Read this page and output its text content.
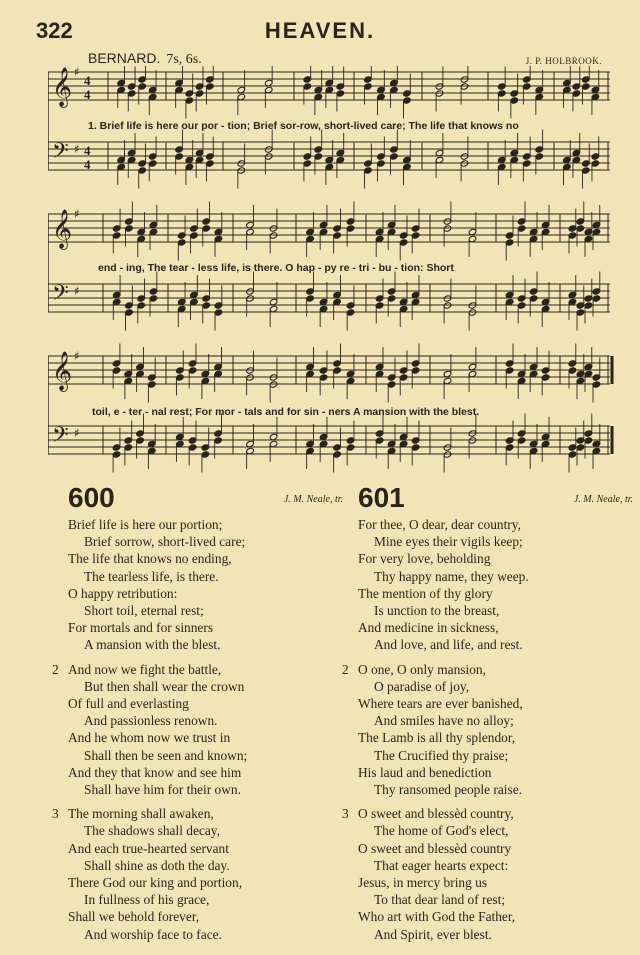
322	HEAVEN.
BERNARD. 7s, 6s.	J. P. HOLBROOK.
𝄞 ♯
4
4
𝄢 ♯ 4
4
𝄞 ♯
𝄢 ♯
𝄞 ♯
𝄢 ♯
1. Brief life is here our por - tion; Brief sor-row, short-lived care; The life that knows no
end - ing, The tear - less life, is there. O hap - py re - tri - bu - tion: Short
toil, e - ter - nal rest; For mor - tals and for sin - ners A mansion with the blest.
600	J. M. Neale, tr.
Brief life is here our portion;
Brief sorrow, short-lived care;
The life that knows no ending,
The tearless life, is there.
O happy retribution:
Short toil, eternal rest;
For mortals and for sinners
A mansion with the blest.
2 And now we fight the battle,
But then shall wear the crown
Of full and everlasting
And passionless renown.
And he whom now we trust in
Shall then be seen and known;
And they that know and see him
Shall have him for their own.
3 The morning shall awaken,
The shadows shall decay,
And each true-hearted servant
Shall shine as doth the day.
There God our king and portion,
In fullness of his grace,
Shall we behold forever,
And worship face to face.
601	J. M. Neale, tr.
For thee, O dear, dear country,
Mine eyes their vigils keep;
For very love, beholding
Thy happy name, they weep.
The mention of thy glory
Is unction to the breast,
And medicine in sickness,
And love, and life, and rest.
2 O one, O only mansion,
O paradise of joy,
Where tears are ever banished,
And smiles have no alloy;
The Lamb is all thy splendor,
The Crucified thy praise;
His laud and benediction
Thy ransomed people raise.
3 O sweet and blessèd country,
The home of God's elect,
O sweet and blessèd country
That eager hearts expect:
Jesus, in mercy bring us
To that dear land of rest;
Who art with God the Father,
And Spirit, ever blest.
